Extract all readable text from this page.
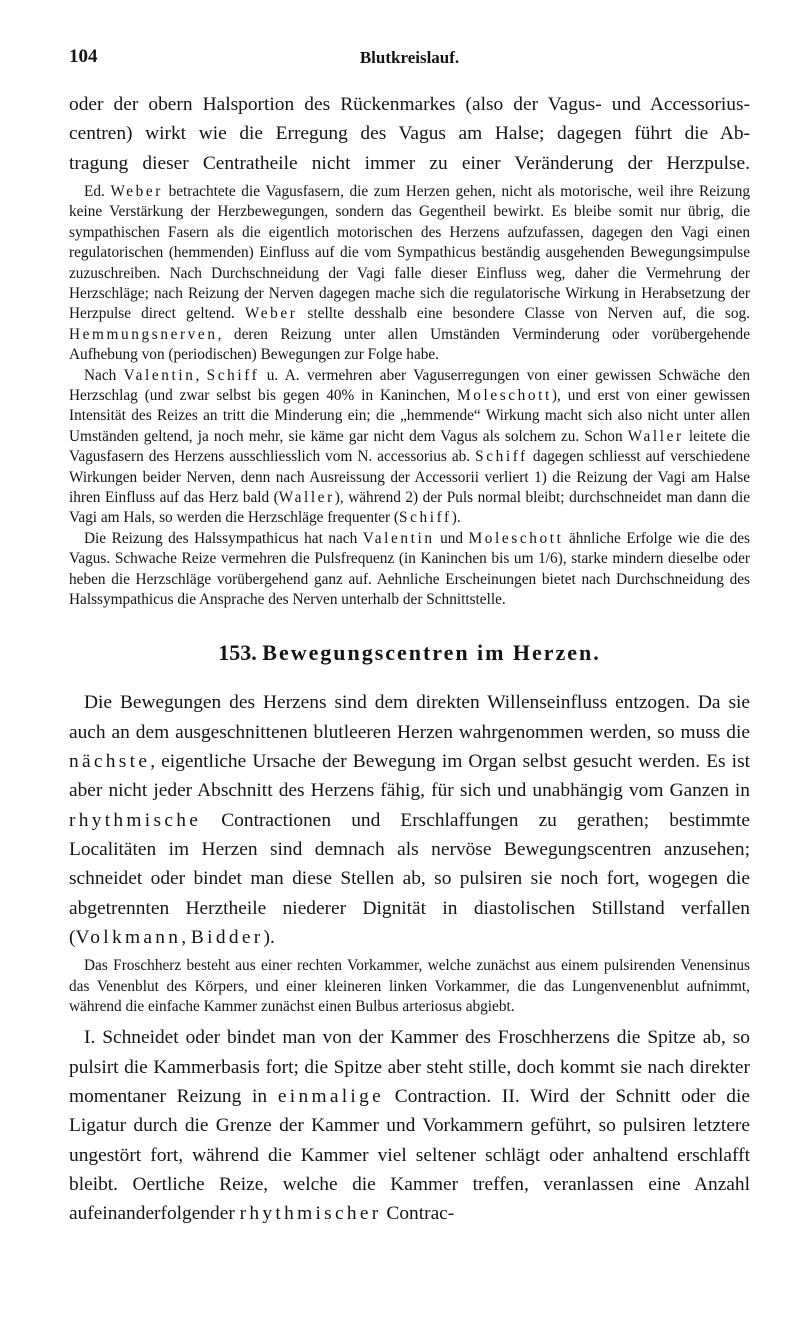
104	Blutkreislauf.
oder der obern Halsportion des Rückenmarkes (also der Vagus- und Accessorius-
centren) wirkt wie die Erregung des Vagus am Halse; dagegen führt die Ab-
tragung dieser Centratheile nicht immer zu einer Veränderung der Herzpulse.

Ed. Weber betrachtete die Vagusfasern, die zum Herzen gehen, nicht als motorische, weil ihre Reizung keine Verstärkung der Herzbewegungen, sondern das Gegentheil bewirkt. Es bleibe somit nur übrig, die sympathischen Fasern als die eigentlich motorischen des Herzens aufzufassen, dagegen den Vagi einen regulatorischen (hemmenden) Einfluss auf die vom Sympathicus beständig ausgehenden Bewegungsimpulse zuzuschreiben. Nach Durchschneidung der Vagi falle dieser Einfluss weg, daher die Vermehrung der Herzschläge; nach Reizung der Nerven dagegen mache sich die regulatorische Wirkung in Herabsetzung der Herzpulse direct geltend. Weber stellte desshalb eine besondere Classe von Nerven auf, die sog. Hemmungsnerven, deren Reizung unter allen Umständen Verminderung oder vorübergehende Aufhebung von (periodischen) Bewegungen zur Folge habe.

Nach Valentin, Schiff u. A. vermehren aber Vaguserregungen von einer gewissen Schwäche den Herzschlag (und zwar selbst bis gegen 40% in Kaninchen, Moleschott), und erst von einer gewissen Intensität des Reizes an tritt die Minderung ein; die „hemmende“ Wirkung macht sich also nicht unter allen Umständen geltend, ja noch mehr, sie käme gar nicht dem Vagus als solchem zu. Schon Waller leitete die Vagusfasern des Herzens ausschliesslich vom N. accessorius ab. Schiff dagegen schliesst auf verschiedene Wirkungen beider Nerven, denn nach Ausreissung der Accessorii verliert 1) die Reizung der Vagi am Halse ihren Einfluss auf das Herz bald (Waller), während 2) der Puls normal bleibt; durchschneidet man dann die Vagi am Hals, so werden die Herzschläge frequenter (Schiff).

Die Reizung des Halssympathicus hat nach Valentin und Moleschott ähnliche Erfolge wie die des Vagus. Schwache Reize vermehren die Pulsfrequenz (in Kaninchen bis um 1/6), starke mindern dieselbe oder heben die Herzschläge vorübergehend ganz auf. Aehnliche Erscheinungen bietet nach Durchschneidung des Halssympathicus die Ansprache des Nerven unterhalb der Schnittstelle.

153. Bewegungscentren im Herzen.

Die Bewegungen des Herzens sind dem direkten Willenseinfluss entzogen. Da sie auch an dem ausgeschnittenen blutleeren Herzen wahrgenommen werden, so muss die nächste, eigentliche Ursache der Bewegung im Organ selbst gesucht werden. Es ist aber nicht jeder Abschnitt des Herzens fähig, für sich und unabhängig vom Ganzen in rhythmische Contractionen und Erschlaffungen zu gerathen; bestimmte Localitäten im Herzen sind demnach als nervöse Bewegungscentren anzusehen; schneidet oder bindet man diese Stellen ab, so pulsiren sie noch fort, wogegen die abgetrennten Herztheile niederer Dignität in diastolischen Stillstand verfallen (Volkmann, Bidder).

Das Froschherz besteht aus einer rechten Vorkammer, welche zunächst aus einem pulsirenden Venensinus das Venenblut des Körpers, und einer kleineren linken Vorkammer, die das Lungenvenenblut aufnimmt, während die einfache Kammer zunächst einen Bulbus arteriosus abgiebt.

I. Schneidet oder bindet man von der Kammer des Froschherzens die Spitze ab, so pulsirt die Kammerbasis fort; die Spitze aber steht stille, doch kommt sie nach direkter momentaner Reizung in einmalige Contraction. II. Wird der Schnitt oder die Ligatur durch die Grenze der Kammer und Vorkammern geführt, so pulsiren letztere ungestört fort, während die Kammer viel seltener schlägt oder anhaltend erschlafft bleibt. Oertliche Reize, welche die Kammer treffen, veranlassen eine Anzahl aufeinanderfolgender rhythmischer Contrac-
